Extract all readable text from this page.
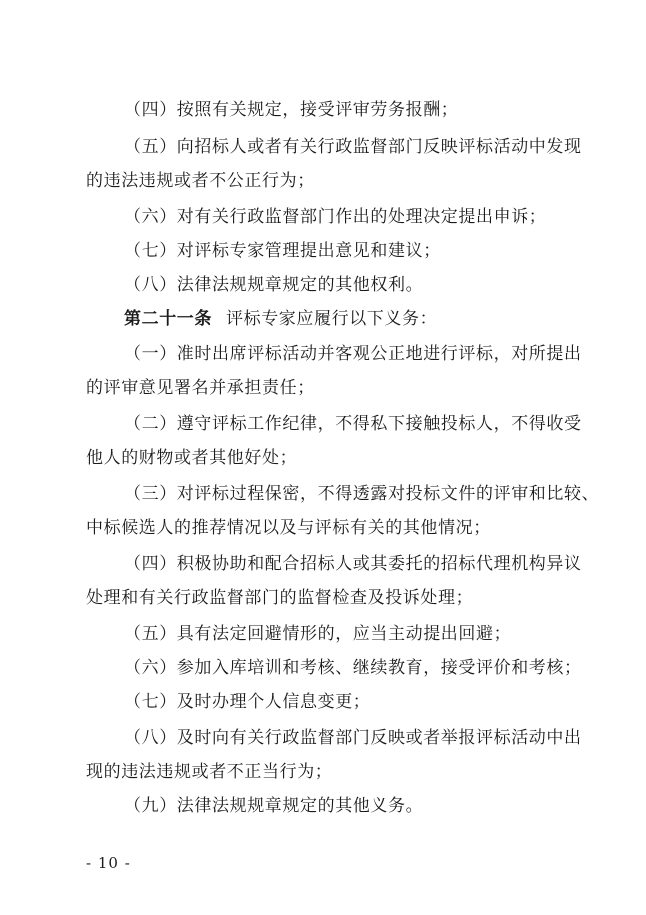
（四）按照有关规定，接受评审劳务报酬；
（五）向招标人或者有关行政监督部门反映评标活动中发现
的违法违规或者不公正行为；
（六）对有关行政监督部门作出的处理决定提出申诉；
（七）对评标专家管理提出意见和建议；
（八）法律法规规章规定的其他权利。
第二十一条 评标专家应履行以下义务：
（一）准时出席评标活动并客观公正地进行评标，对所提出
的评审意见署名并承担责任；
（二）遵守评标工作纪律，不得私下接触投标人，不得收受
他人的财物或者其他好处；
（三）对评标过程保密，不得透露对投标文件的评审和比较、
中标候选人的推荐情况以及与评标有关的其他情况；
（四）积极协助和配合招标人或其委托的招标代理机构异议
处理和有关行政监督部门的监督检查及投诉处理；
（五）具有法定回避情形的，应当主动提出回避；
（六）参加入库培训和考核、继续教育，接受评价和考核；
（七）及时办理个人信息变更；
（八）及时向有关行政监督部门反映或者举报评标活动中出
现的违法违规或者不正当行为；
（九）法律法规规章规定的其他义务。
- 10 -
